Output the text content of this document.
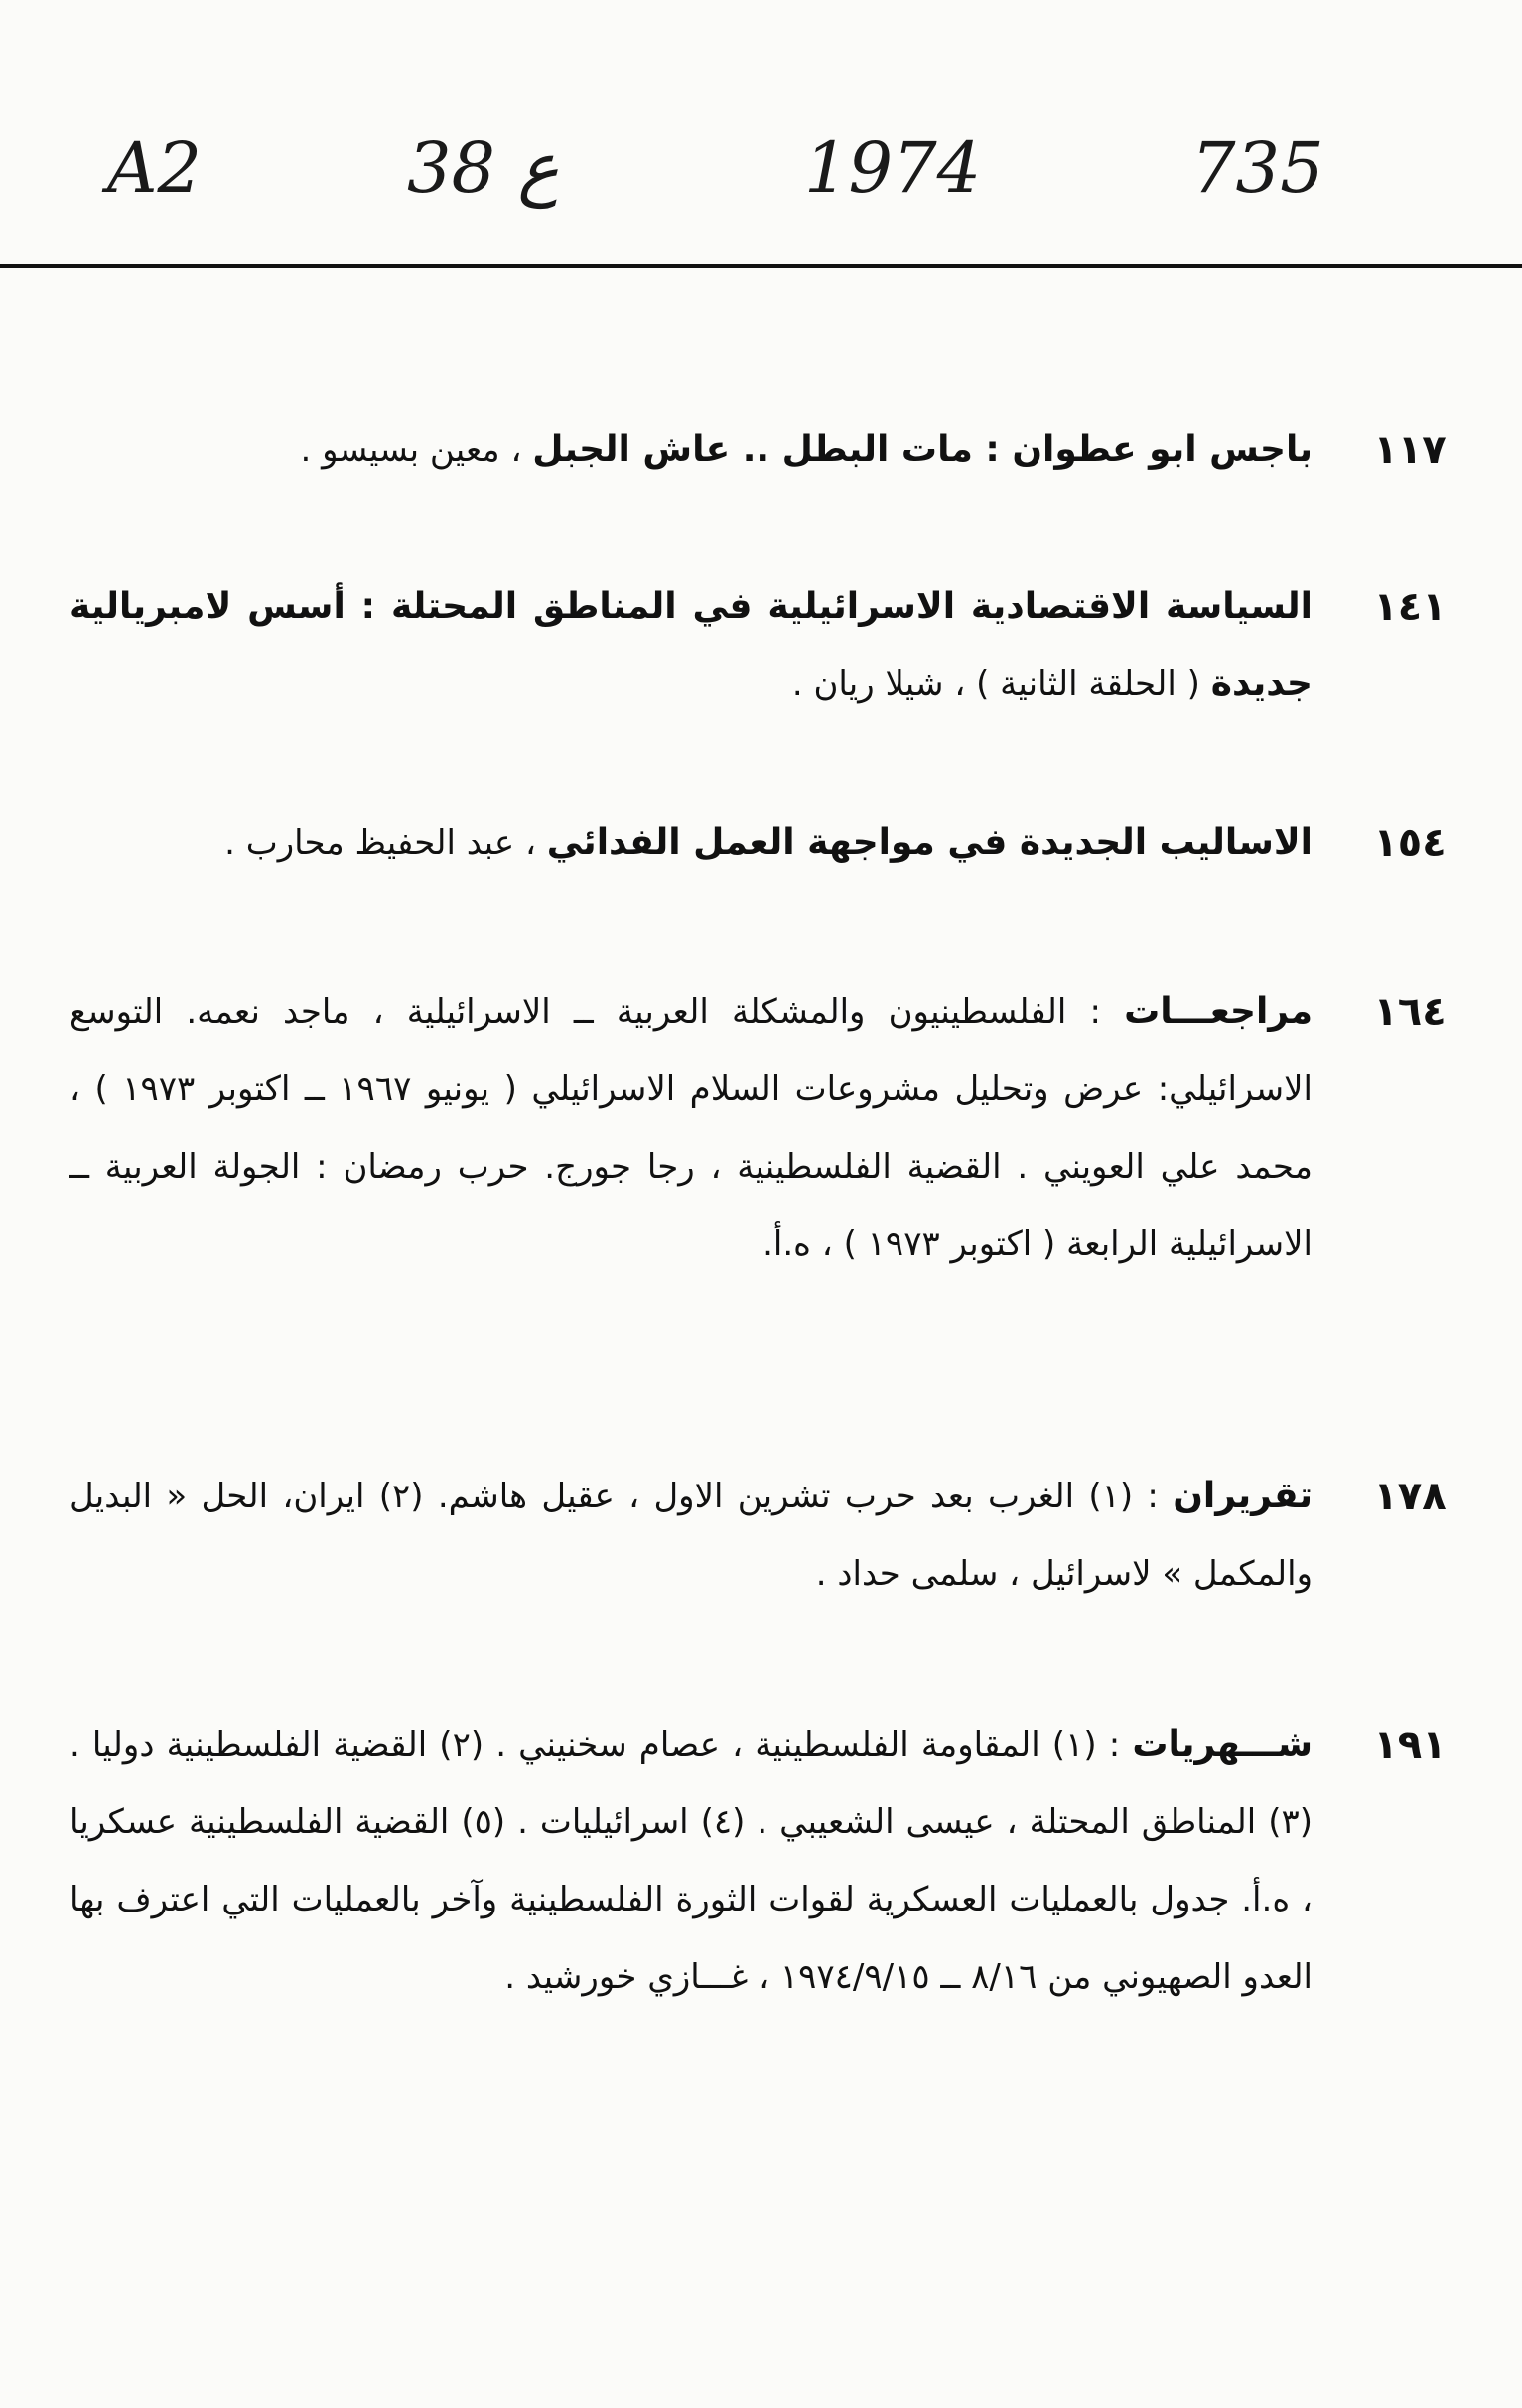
A2	38 ع	1974	735
١١٧
باجس ابو عطوان : مات البطل .. عاش الجبل ، معين بسيسو .
١٤١
السياسة الاقتصادية الاسرائيلية في المناطق المحتلة : أسس لامبريالية جديدة ( الحلقة الثانية ) ، شيلا ريان .
١٥٤
الاساليب الجديدة في مواجهة العمل الفدائي ، عبد الحفيظ محارب .
١٦٤
مراجعـــات : الفلسطينيون والمشكلة العربية ــ الاسرائيلية ، ماجد نعمه. التوسع الاسرائيلي: عرض وتحليل مشروعات السلام الاسرائيلي ( يونيو ١٩٦٧ ــ اكتوبر ١٩٧٣ ) ، محمد علي العويني . القضية الفلسطينية ، رجا جورج. حرب رمضان : الجولة العربية ــ الاسرائيلية الرابعة ( اكتوبر ١٩٧٣ ) ، ه.أ.
١٧٨
تقريران : (١) الغرب بعد حرب تشرين الاول ، عقيل هاشم. (٢) ايران، الحل « البديل والمكمل » لاسرائيل ، سلمى حداد .
١٩١
شـــهريات : (١) المقاومة الفلسطينية ، عصام سخنيني . (٢) القضية الفلسطينية دوليا . (٣) المناطق المحتلة ، عيسى الشعيبي . (٤) اسرائيليات . (٥) القضية الفلسطينية عسكريا ، ه.أ. جدول بالعمليات العسكرية لقوات الثورة الفلسطينية وآخر بالعمليات التي اعترف بها العدو الصهيوني من ٨/١٦ ــ ١٩٧٤/٩/١٥ ، غـــازي خورشيد .
